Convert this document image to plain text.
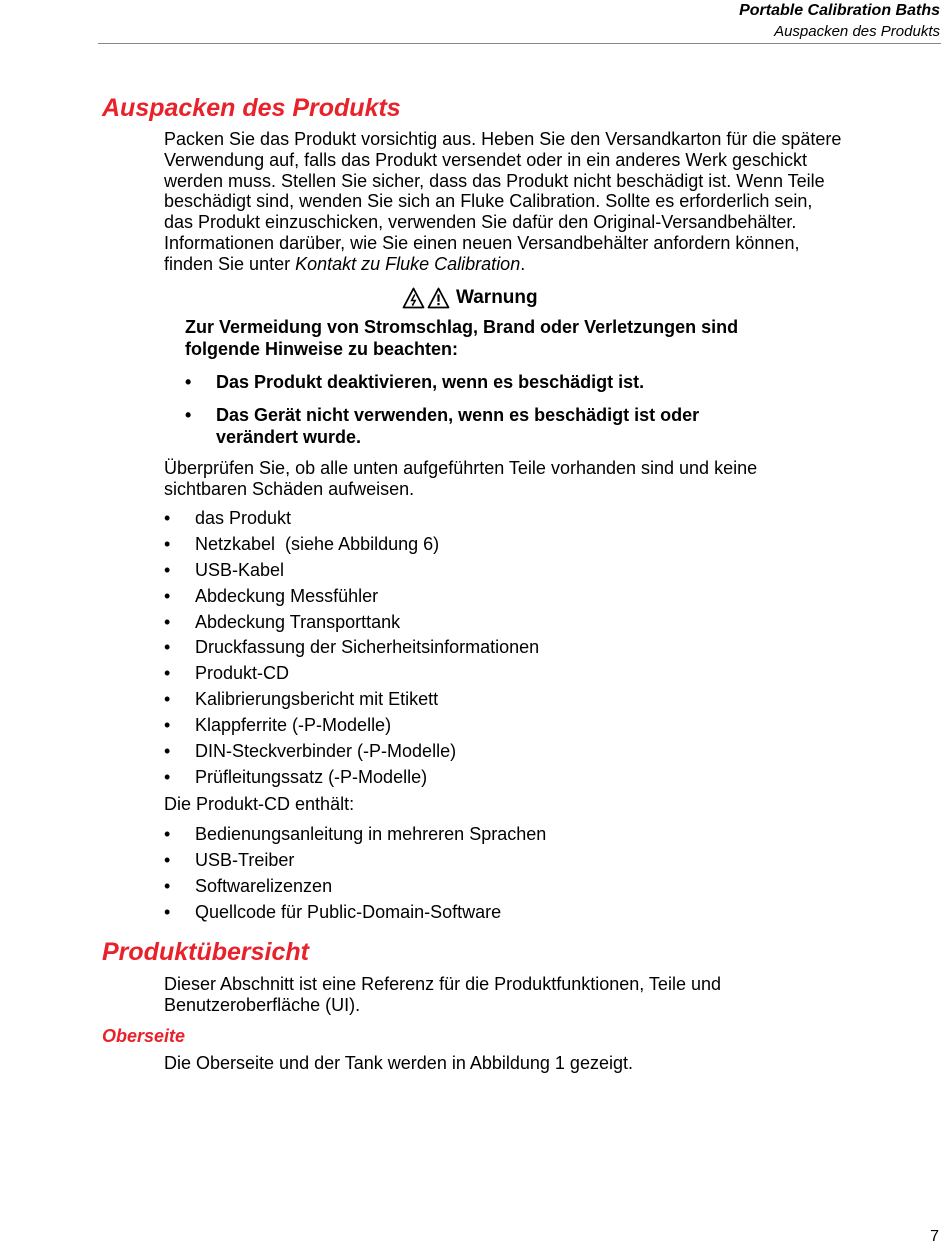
Portable Calibration Baths
Auspacken des Produkts
Auspacken des Produkts

Packen Sie das Produkt vorsichtig aus. Heben Sie den Versandkarton für die spätere Verwendung auf, falls das Produkt versendet oder in ein anderes Werk geschickt werden muss. Stellen Sie sicher, dass das Produkt nicht beschädigt ist. Wenn Teile beschädigt sind, wenden Sie sich an Fluke Calibration. Sollte es erforderlich sein, das Produkt einzuschicken, verwenden Sie dafür den Original-Versandbehälter. Informationen darüber, wie Sie einen neuen Versandbehälter anfordern können, finden Sie unter Kontakt zu Fluke Calibration.

Warnung

Zur Vermeidung von Stromschlag, Brand oder Verletzungen sind folgende Hinweise zu beachten:

• Das Produkt deaktivieren, wenn es beschädigt ist.
• Das Gerät nicht verwenden, wenn es beschädigt ist oder verändert wurde.

Überprüfen Sie, ob alle unten aufgeführten Teile vorhanden sind und keine sichtbaren Schäden aufweisen.

• das Produkt
• Netzkabel  (siehe Abbildung 6)
• USB-Kabel
• Abdeckung Messfühler
• Abdeckung Transporttank
• Druckfassung der Sicherheitsinformationen
• Produkt-CD
• Kalibrierungsbericht mit Etikett
• Klappferrite (-P-Modelle)
• DIN-Steckverbinder (-P-Modelle)
• Prüfleitungssatz (-P-Modelle)

Die Produkt-CD enthält:

• Bedienungsanleitung in mehreren Sprachen
• USB-Treiber
• Softwarelizenzen
• Quellcode für Public-Domain-Software
Produktübersicht

Dieser Abschnitt ist eine Referenz für die Produktfunktionen, Teile und Benutzeroberfläche (UI).

Oberseite

Die Oberseite und der Tank werden in Abbildung 1 gezeigt.

7
